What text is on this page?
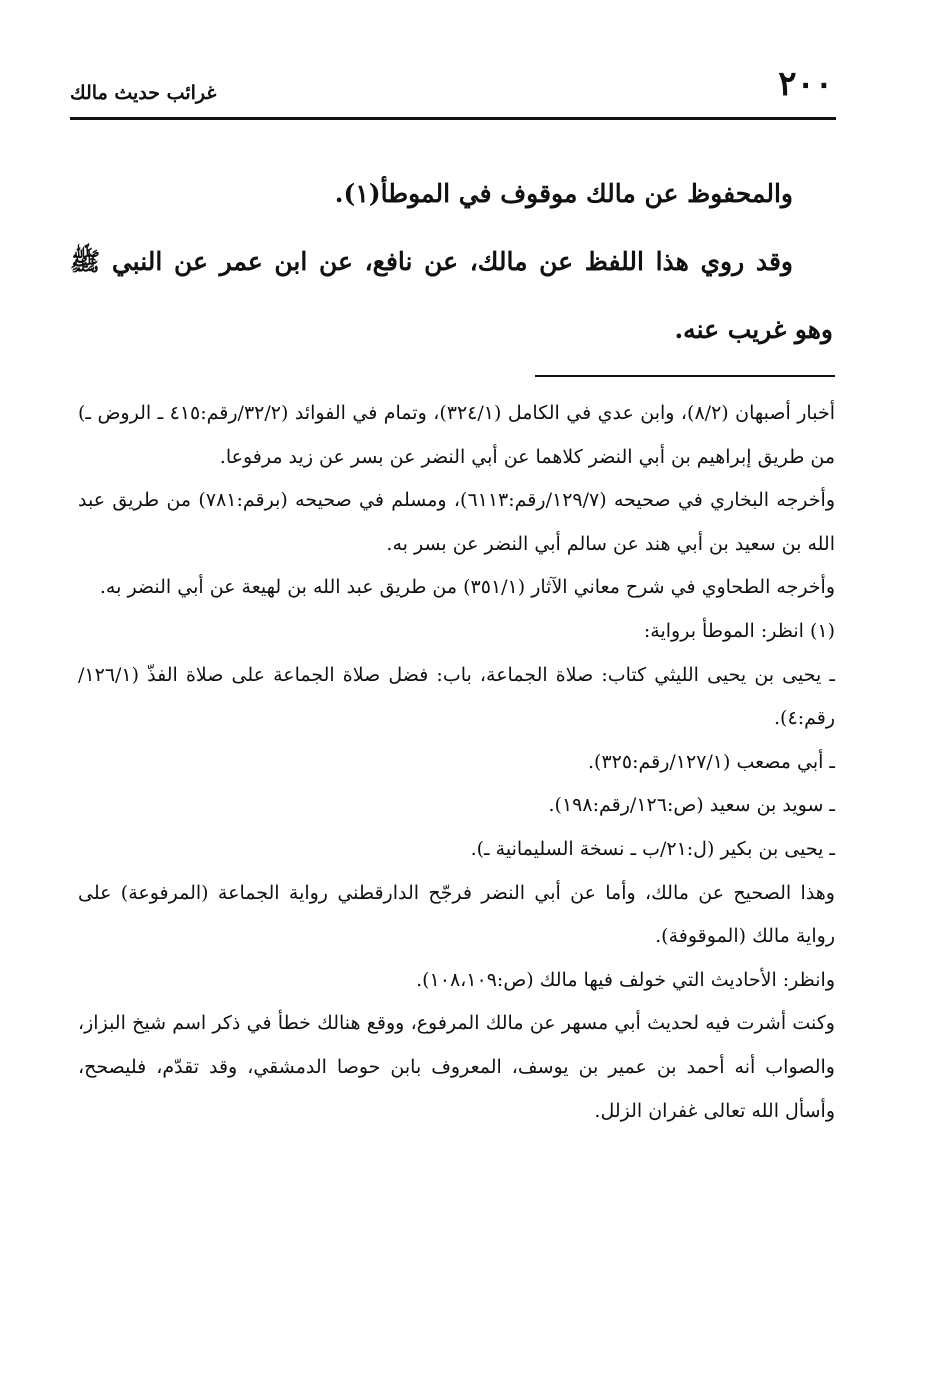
٢٠٠
غرائب حديث مالك

والمحفوظ عن مالك موقوف في الموطأ(١).

وقد روي هذا اللفظ عن مالك، عن نافع، عن ابن عمر عن النبي ﷺ وهو غريب عنه.

أخبار أصبهان (٨/٢)، وابن عدي في الكامل (٣٢٤/١)، وتمام في الفوائد (٣٢/٢/رقم:٤١٥ ـ الروض ـ) من طريق إبراهيم بن أبي النضر كلاهما عن أبي النضر عن بسر عن زيد مرفوعا.

وأخرجه البخاري في صحيحه (١٢٩/٧/رقم:٦١١٣)، ومسلم في صحيحه (برقم:٧٨١) من طريق عبد الله بن سعيد بن أبي هند عن سالم أبي النضر عن بسر به.

وأخرجه الطحاوي في شرح معاني الآثار (٣٥١/١) من طريق عبد الله بن لهيعة عن أبي النضر به.

(١) انظر: الموطأ برواية:

ـ يحيى بن يحيى الليثي كتاب: صلاة الجماعة، باب: فضل صلاة الجماعة على صلاة الفذّ (١٢٦/١/رقم:٤).

ـ أبي مصعب (١٢٧/١/رقم:٣٢٥).

ـ سويد بن سعيد (ص:١٢٦/رقم:١٩٨).

ـ يحيى بن بكير (ل:٢١/ب ـ نسخة السليمانية ـ).

وهذا الصحيح عن مالك، وأما عن أبي النضر فرجّح الدارقطني رواية الجماعة (المرفوعة) على رواية مالك (الموقوفة).

وانظر: الأحاديث التي خولف فيها مالك (ص:١٠٨،١٠٩).

وكنت أشرت فيه لحديث أبي مسهر عن مالك المرفوع، ووقع هنالك خطأ في ذكر اسم شيخ البزاز، والصواب أنه أحمد بن عمير بن يوسف، المعروف بابن حوصا الدمشقي، وقد تقدّم، فليصحح، وأسأل الله تعالى غفران الزلل.
